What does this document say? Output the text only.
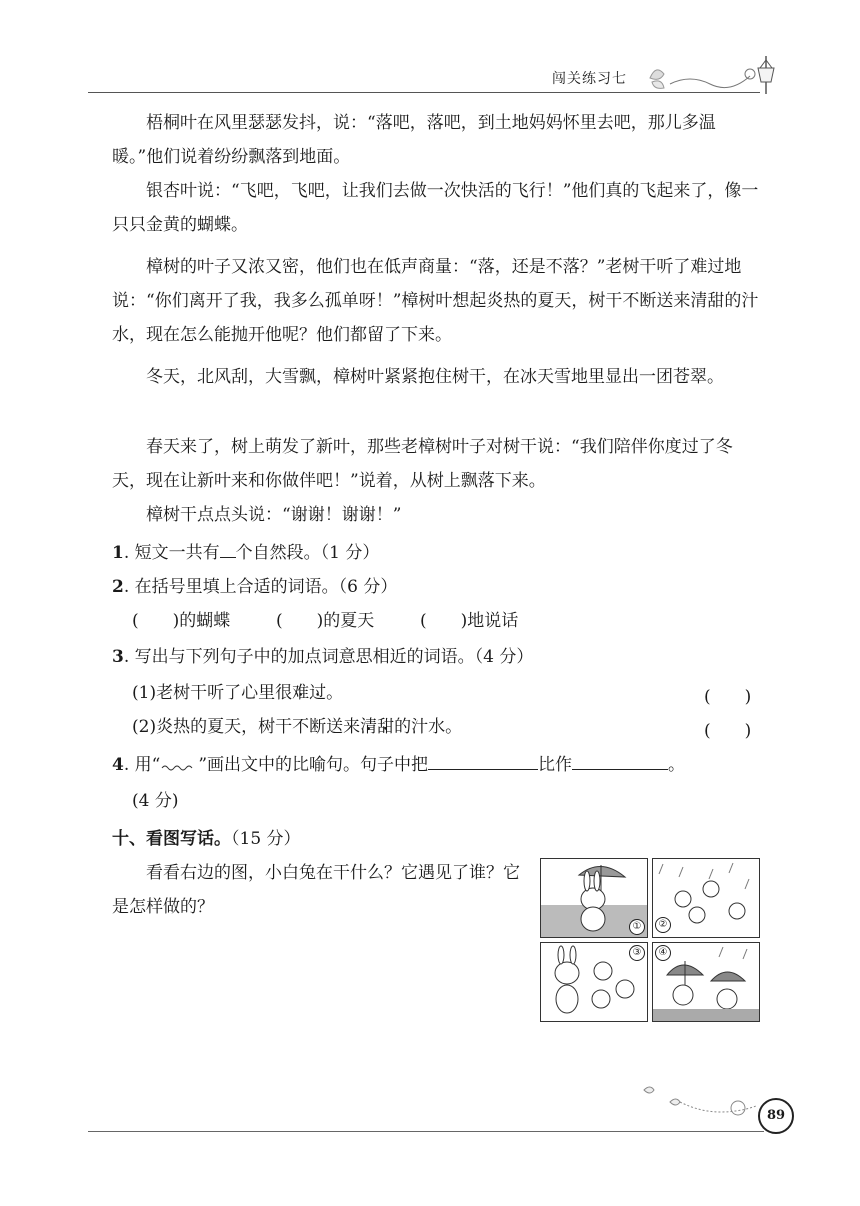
闯关练习七
梧桐叶在风里瑟瑟发抖，说：“落吧，落吧，到土地妈妈怀里去吧，那儿多温暖。”他们说着纷纷飘落到地面。
银杏叶说：“飞吧，飞吧，让我们去做一次快活的飞行！”他们真的飞起来了，像一只只金黄的蝴蝶。
樟树的叶子又浓又密，他们也在低声商量：“落，还是不落？”老树干听了难过地说：“你们离开了我，我多么孤单呀！”樟树叶想起炎热的夏天，树干不断送来清甜的汁水，现在怎么能抛开他呢？他们都留了下来。
冬天，北风刮，大雪飘，樟树叶紧紧抱住树干，在冰天雪地里显出一团苍翠。
春天来了，树上萌发了新叶，那些老樟树叶子对树干说：“我们陪伴你度过了冬天，现在让新叶来和你做伴吧！”说着，从树上飘落下来。
樟树干点点头说：“谢谢！谢谢！”
1. 短文一共有 个自然段。（1 分）
2. 在括号里填上合适的词语。（6 分）
(　　)的蝴蝶	(　　)的夏天	(　　)地说话
3. 写出与下列句子中的加点词意思相近的词语。（4 分）
(1)老树干听了心里很难 •过 •。	(　　)
(2)炎热的夏天，树干不断送来清 •甜 •的汁水。	(　　)
4. 用“ ”画出文中的比喻句。句子中把	比作	。
(4 分)
十、看图写话。（15 分）
看看右边的图，小白兔在干什么？它遇见了谁？它是怎样做的？
①	②
③	④
89
